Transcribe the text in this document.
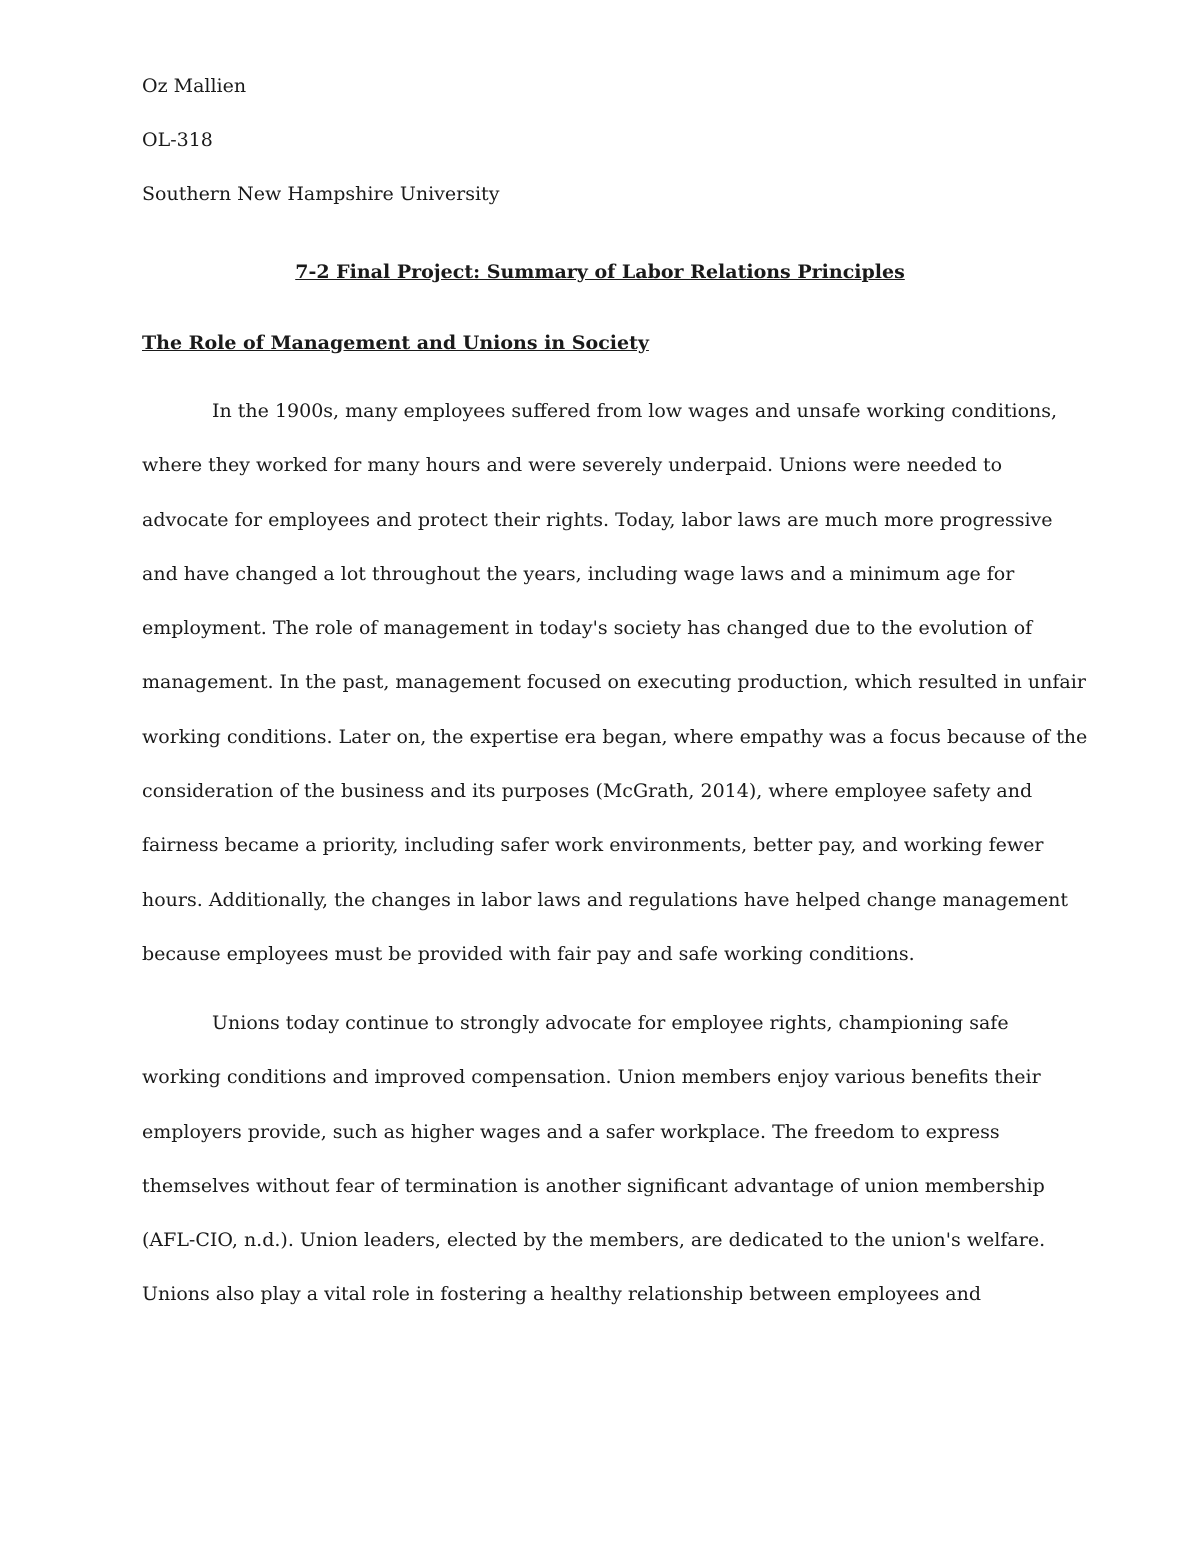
Oz Mallien
OL-318
Southern New Hampshire University
7-2 Final Project: Summary of Labor Relations Principles
The Role of Management and Unions in Society
In the 1900s, many employees suffered from low wages and unsafe working conditions,
where they worked for many hours and were severely underpaid. Unions were needed to
advocate for employees and protect their rights. Today, labor laws are much more progressive
and have changed a lot throughout the years, including wage laws and a minimum age for
employment. The role of management in today's society has changed due to the evolution of
management. In the past, management focused on executing production, which resulted in unfair
working conditions. Later on, the expertise era began, where empathy was a focus because of the
consideration of the business and its purposes (McGrath, 2014), where employee safety and
fairness became a priority, including safer work environments, better pay, and working fewer
hours. Additionally, the changes in labor laws and regulations have helped change management
because employees must be provided with fair pay and safe working conditions.
Unions today continue to strongly advocate for employee rights, championing safe
working conditions and improved compensation. Union members enjoy various benefits their
employers provide, such as higher wages and a safer workplace. The freedom to express
themselves without fear of termination is another significant advantage of union membership
(AFL-CIO, n.d.). Union leaders, elected by the members, are dedicated to the union's welfare.
Unions also play a vital role in fostering a healthy relationship between employees and
